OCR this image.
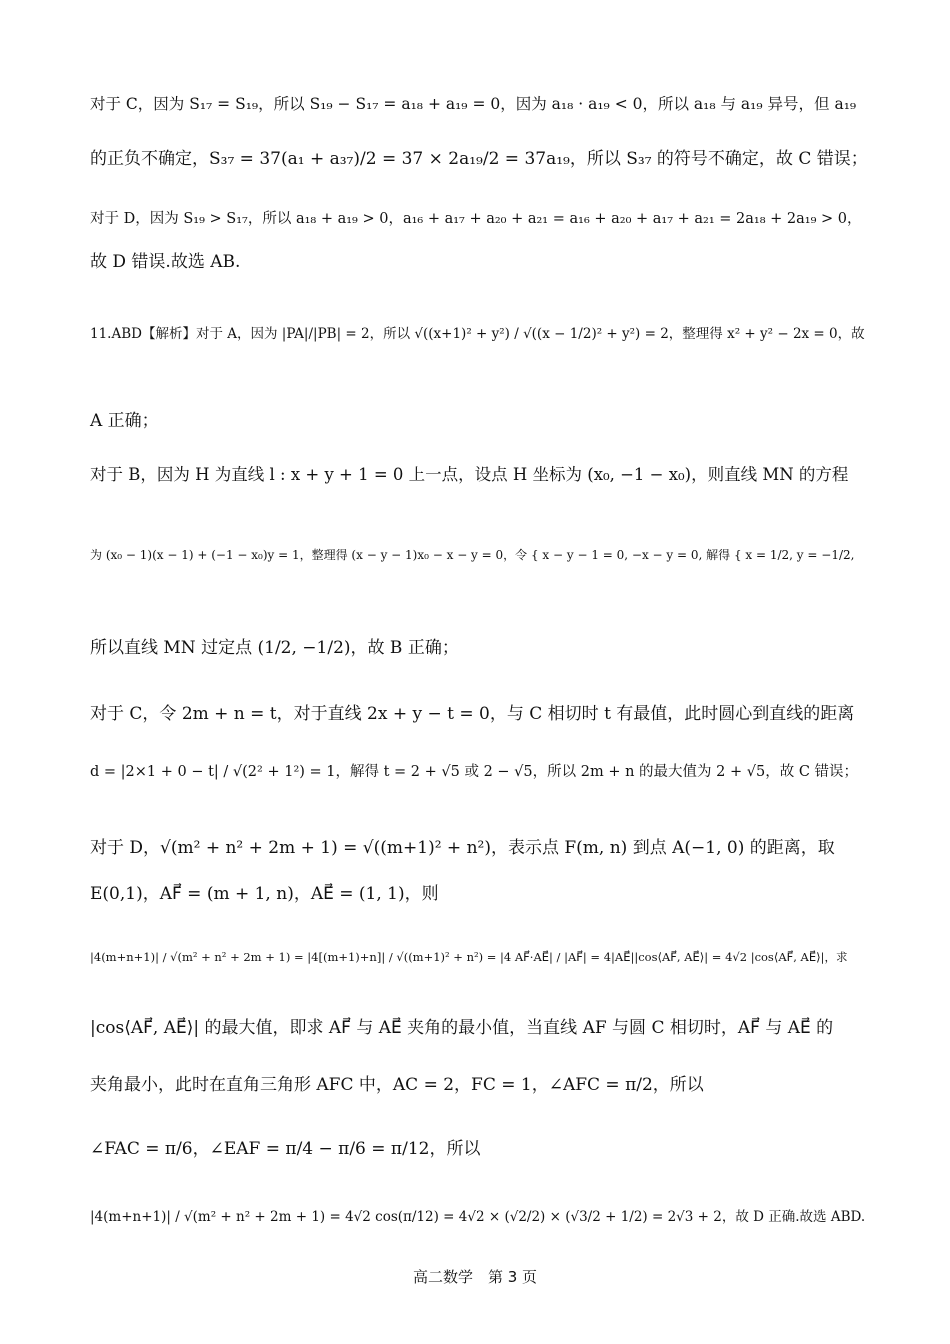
对于 C，因为 S₁₇ = S₁₉，所以 S₁₉ − S₁₇ = a₁₈ + a₁₉ = 0，因为 a₁₈ · a₁₉ < 0，所以 a₁₈ 与 a₁₉ 异号，但 a₁₉
的正负不确定，S₃₇ = 37(a₁ + a₃₇)/2 = 37 × 2a₁₉/2 = 37a₁₉，所以 S₃₇ 的符号不确定，故 C 错误；
对于 D，因为 S₁₉ > S₁₇，所以 a₁₈ + a₁₉ > 0，a₁₆ + a₁₇ + a₂₀ + a₂₁ = a₁₆ + a₂₀ + a₁₇ + a₂₁ = 2a₁₈ + 2a₁₉ > 0，
故 D 错误.故选 AB.
11.ABD【解析】对于 A，因为 |PA|/|PB| = 2，所以 √((x+1)² + y²) / √((x − 1/2)² + y²) = 2，整理得 x² + y² − 2x = 0，故
A 正确；
对于 B，因为 H 为直线 l : x + y + 1 = 0 上一点，设点 H 坐标为 (x₀, −1 − x₀)，则直线 MN 的方程
为 (x₀ − 1)(x − 1) + (−1 − x₀)y = 1，整理得 (x − y − 1)x₀ − x − y = 0，令 { x − y − 1 = 0, −x − y = 0, 解得 { x = 1/2, y = −1/2,
所以直线 MN 过定点 (1/2, −1/2)，故 B 正确；
对于 C，令 2m + n = t，对于直线 2x + y − t = 0，与 C 相切时 t 有最值，此时圆心到直线的距离
d = |2×1 + 0 − t| / √(2² + 1²) = 1，解得 t = 2 + √5 或 2 − √5，所以 2m + n 的最大值为 2 + √5，故 C 错误；
对于 D，√(m² + n² + 2m + 1) = √((m+1)² + n²)，表示点 F(m, n) 到点 A(−1, 0) 的距离，取
E(0,1)，AF⃗ = (m + 1, n)，AE⃗ = (1, 1)，则
|4(m+n+1)| / √(m² + n² + 2m + 1) = |4[(m+1)+n]| / √((m+1)² + n²) = |4 AF⃗·AE⃗| / |AF⃗| = 4|AE⃗||cos⟨AF⃗, AE⃗⟩| = 4√2 |cos⟨AF⃗, AE⃗⟩|，求
|cos⟨AF⃗, AE⃗⟩| 的最大值，即求 AF⃗ 与 AE⃗ 夹角的最小值，当直线 AF 与圆 C 相切时，AF⃗ 与 AE⃗ 的
夹角最小，此时在直角三角形 AFC 中，AC = 2，FC = 1，∠AFC = π/2，所以
∠FAC = π/6，∠EAF = π/4 − π/6 = π/12，所以
|4(m+n+1)| / √(m² + n² + 2m + 1) = 4√2 cos(π/12) = 4√2 × (√2/2) × (√3/2 + 1/2) = 2√3 + 2，故 D 正确.故选 ABD.
高二数学　第 3 页
